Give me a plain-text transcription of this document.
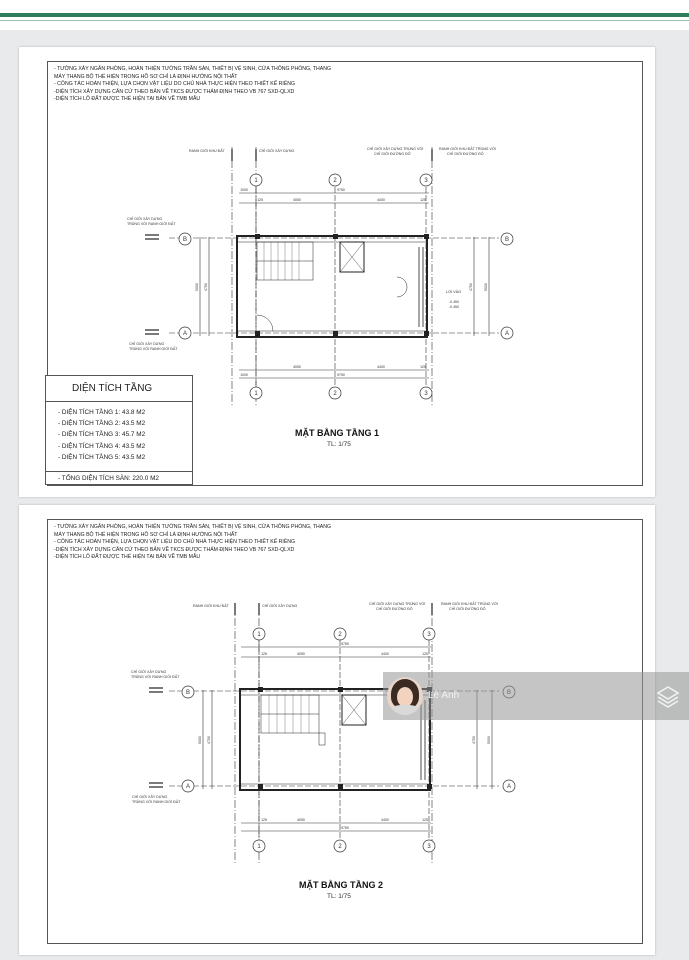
- TƯỜNG XÂY NGĂN PHÒNG, HOÀN THIỆN TƯỜNG TRẦN SÀN, THIẾT BỊ VỆ SINH, CỬA THÔNG PHÒNG, THANG
MÁY THANG BỘ THỂ HIỆN TRONG HỒ SƠ CHỈ LÀ ĐỊNH HƯỚNG NỘI THẤT
- CÔNG TÁC HOÀN THIỆN, LỰA CHỌN VẬT LIỆU DO CHỦ NHÀ THỰC HIỆN THEO THIẾT KẾ RIÊNG
-DIỆN TÍCH XÂY DỰNG CĂN CỨ THEO BẢN VẼ TKCS ĐƯỢC THẨM ĐỊNH THEO VB 767 SXD-QLXD
-DIỆN TÍCH LÔ ĐẤT ĐƯỢC THỂ HIỆN TẠI BẢN VẼ TMB MẪU
RANH GIỚI KHU ĐẤT	CHỈ GIỚI XÂY DỰNG	CHỈ GIỚI XÂY DỰNG TRÙNG VỚI
CHỈ GIỚI ĐƯỜNG ĐỎ
RANH GIỚI KHU ĐẤT TRÙNG VỚI
CHỈ GIỚI ĐƯỜNG ĐỎ
CHỈ GIỚI XÂY DỰNG
TRÙNG VỚI RANH GIỚI ĐẤT
CHỈ GIỚI XÂY DỰNG
TRÙNG VỚI RANH GIỚI ĐẤT
LỐI VÀO
-0.450
-0.450
1	2	3
1	2	3
B
A
B
A
9750
1000
4050	4400
125	125
1000
4050	4400
9750
125
5000 4750	4750	5000
DIỆN TÍCH TẦNG
- DIỆN TÍCH TẦNG 1: 43.8 M2
- DIỆN TÍCH TẦNG 2: 43.5 M2
- DIỆN TÍCH TẦNG 3: 45.7 M2
- DIỆN TÍCH TẦNG 4: 43.5 M2
- DIỆN TÍCH TẦNG 5: 43.5 M2
- TỔNG DIỆN TÍCH SÀN: 220.0 M2
MẶT BẰNG TẦNG 1
TL: 1/75
- TƯỜNG XÂY NGĂN PHÒNG, HOÀN THIỆN TƯỜNG TRẦN SÀN, THIẾT BỊ VỆ SINH, CỬA THÔNG PHÒNG, THANG
MÁY THANG BỘ THỂ HIỆN TRONG HỒ SƠ CHỈ LÀ ĐỊNH HƯỚNG NỘI THẤT
- CÔNG TÁC HOÀN THIỆN, LỰA CHỌN VẬT LIỆU DO CHỦ NHÀ THỰC HIỆN THEO THIẾT KẾ RIÊNG
-DIỆN TÍCH XÂY DỰNG CĂN CỨ THEO BẢN VẼ TKCS ĐƯỢC THẨM ĐỊNH THEO VB 767 SXD-QLXD
-DIỆN TÍCH LÔ ĐẤT ĐƯỢC THỂ HIỆN TẠI BẢN VẼ TMB MẪU
RANH GIỚI KHU ĐẤT	CHỈ GIỚI XÂY DỰNG	CHỈ GIỚI XÂY DỰNG TRÙNG VỚI
CHỈ GIỚI ĐƯỜNG ĐỎ
RANH GIỚI KHU ĐẤT TRÙNG VỚI
CHỈ GIỚI ĐƯỜNG ĐỎ
CHỈ GIỚI XÂY DỰNG
TRÙNG VỚI RANH GIỚI ĐẤT
CHỈ GIỚI XÂY DỰNG
TRÙNG VỚI RANH GIỚI ĐẤT
1	2	3
1	2	3
B
A	A
9750
4050	4400
125	125
4050	4400
9750
125	125
5000 4750	4750	5000
MẶT BẰNG TẦNG 2
TL: 1/75
Lê Anh
